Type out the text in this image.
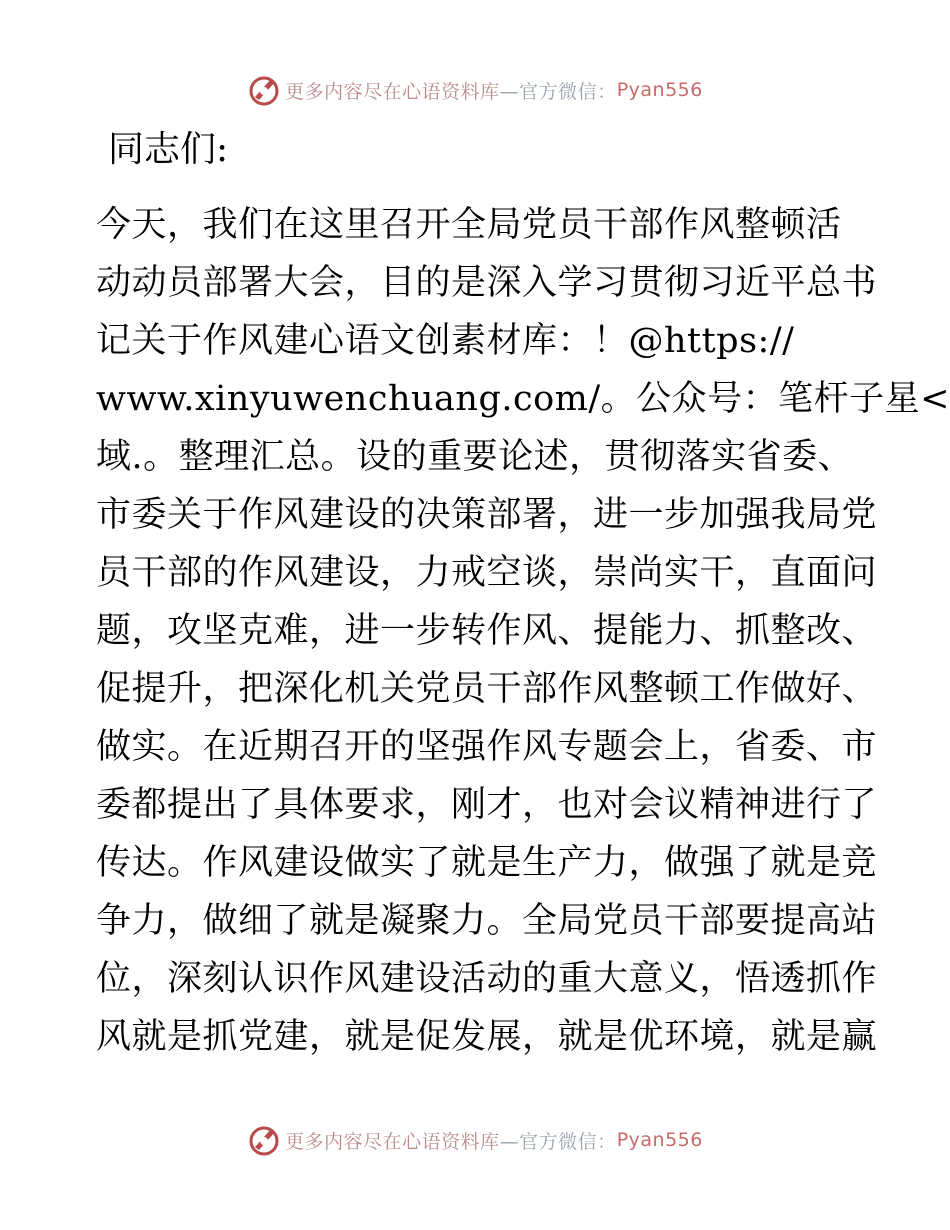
更多内容尽在心语资料库 —官方微信： Pyan556
同志们:
今天，我们在这里召开全局党员干部作风整顿活
动动员部署大会，目的是深入学习贯彻习近平总书
记关于作风建心语文创素材库：！@https://
www.xinyuwenchuang.com/。公众号：笔杆子星<
域.。整理汇总。设的重要论述，贯彻落实省委、
市委关于作风建设的决策部署，进一步加强我局党
员干部的作风建设，力戒空谈，崇尚实干，直面问
题，攻坚克难，进一步转作风、提能力、抓整改、
促提升，把深化机关党员干部作风整顿工作做好、
做实。在近期召开的坚强作风专题会上，省委、市
委都提出了具体要求，刚才，也对会议精神进行了
传达。作风建设做实了就是生产力，做强了就是竞
争力，做细了就是凝聚力。全局党员干部要提高站
位，深刻认识作风建设活动的重大意义，悟透抓作
风就是抓党建，就是促发展，就是优环境，就是赢
更多内容尽在心语资料库 —官方微信： Pyan556
